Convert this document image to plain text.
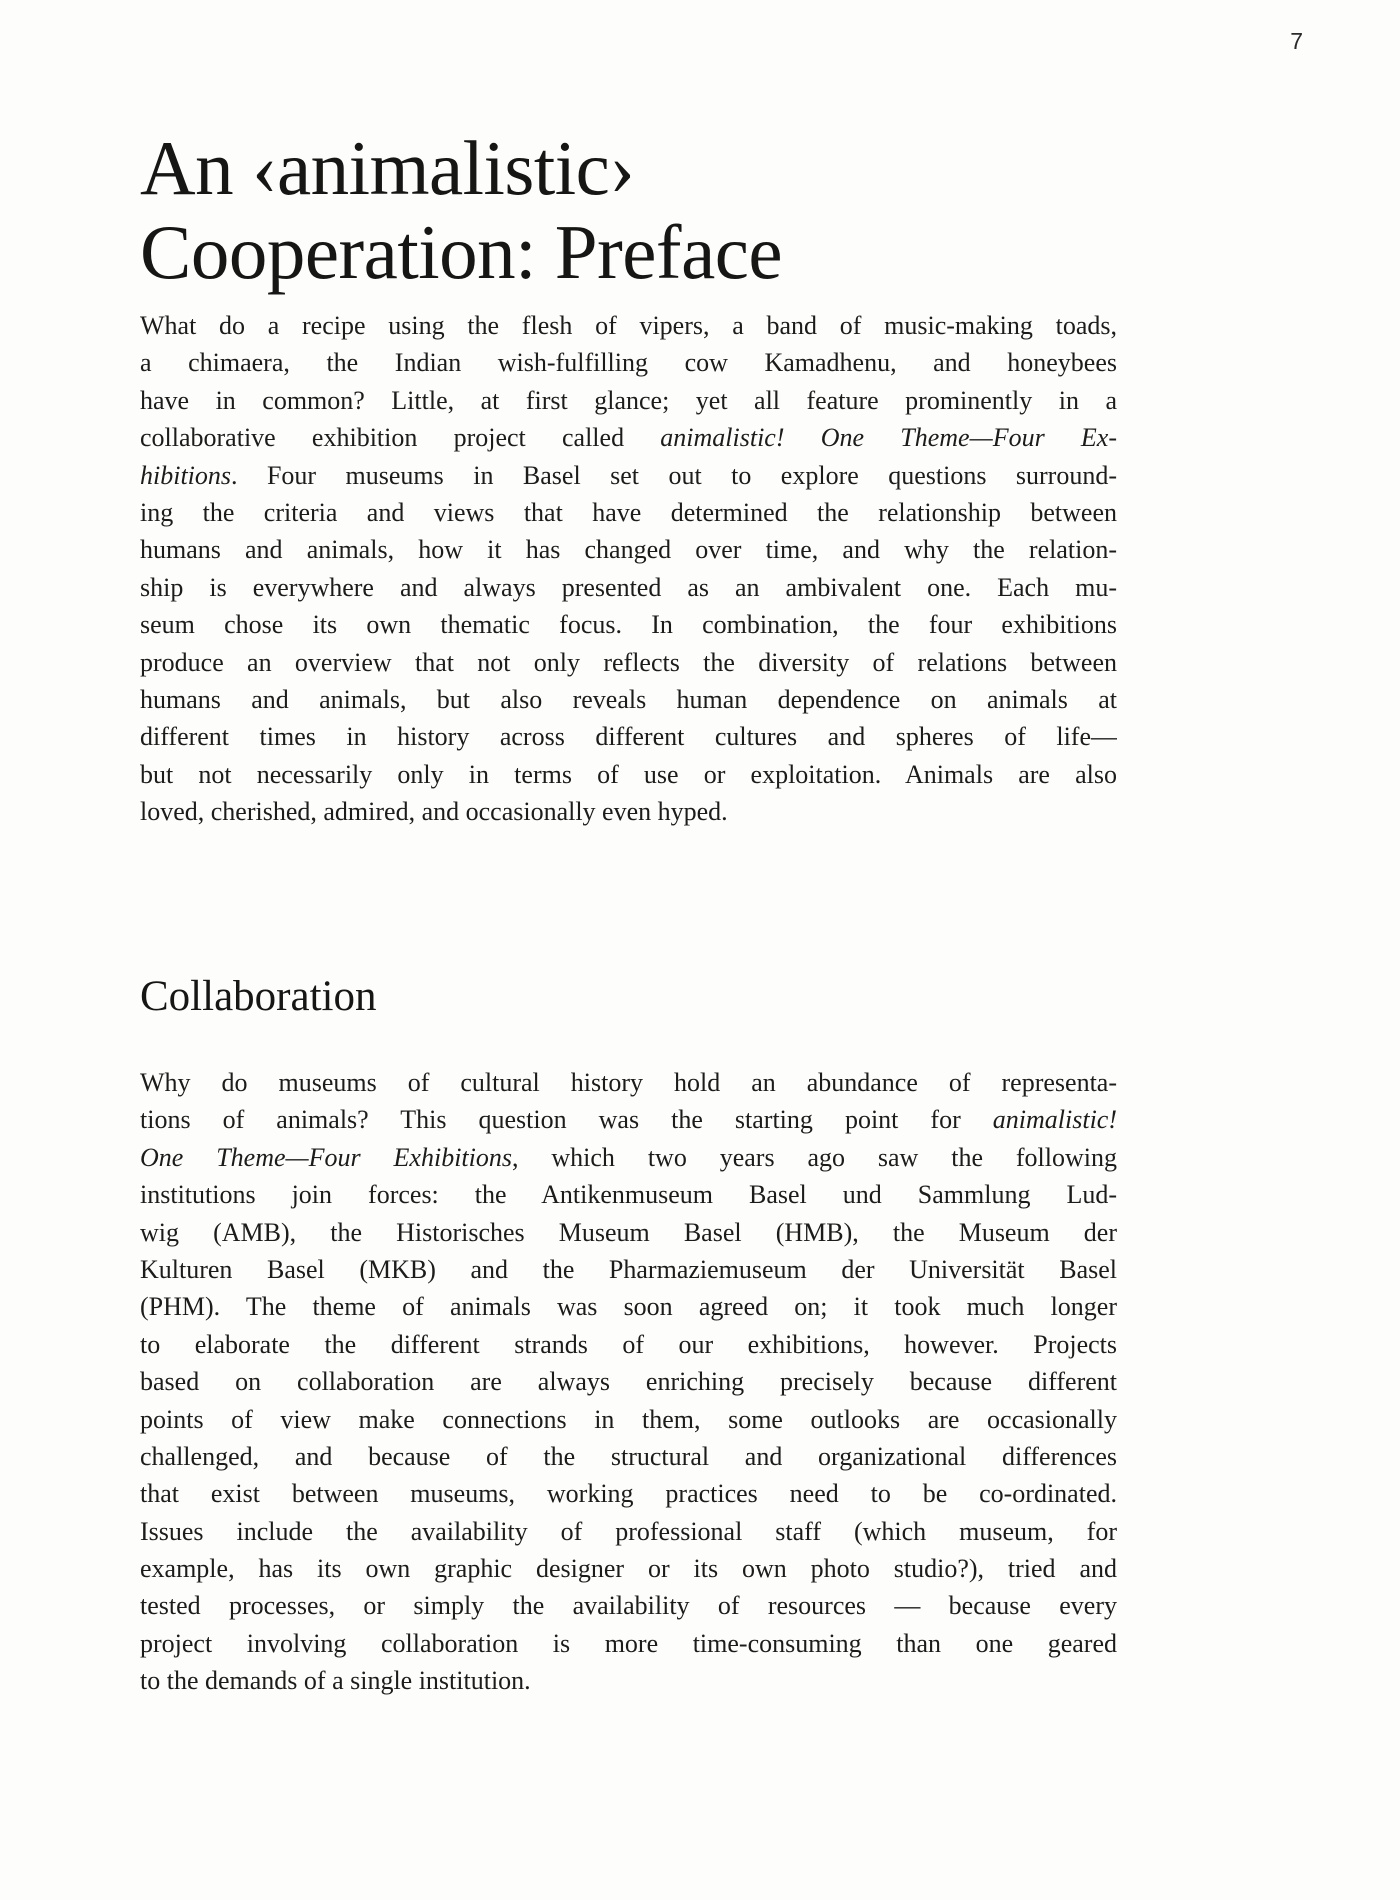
7
An ‹animalistic›
Cooperation: Preface
What do a recipe using the flesh of vipers, a band of music-making toads,
a chimaera, the Indian wish-fulfilling cow Kamadhenu, and honeybees
have in common? Little, at first glance; yet all feature prominently in a
collaborative exhibition project called animalistic! One Theme—Four Ex-
hibitions. Four museums in Basel set out to explore questions surround-
ing the criteria and views that have determined the relationship between
humans and animals, how it has changed over time, and why the relation-
ship is everywhere and always presented as an ambivalent one. Each mu-
seum chose its own thematic focus. In combination, the four exhibitions
produce an overview that not only reflects the diversity of relations between
humans and animals, but also reveals human dependence on animals at
different times in history across different cultures and spheres of life—
but not necessarily only in terms of use or exploitation. Animals are also
loved, cherished, admired, and occasionally even hyped.
Collaboration
Why do museums of cultural history hold an abundance of representa-
tions of animals? This question was the starting point for animalistic!
One Theme—Four Exhibitions, which two years ago saw the following
institutions join forces: the Antikenmuseum Basel und Sammlung Lud-
wig (AMB), the Historisches Museum Basel (HMB), the Museum der
Kulturen Basel (MKB) and the Pharmaziemuseum der Universität Basel
(PHM). The theme of animals was soon agreed on; it took much longer
to elaborate the different strands of our exhibitions, however. Projects
based on collaboration are always enriching precisely because different
points of view make connections in them, some outlooks are occasionally
challenged, and because of the structural and organizational differences
that exist between museums, working practices need to be co-ordinated.
Issues include the availability of professional staff (which museum, for
example, has its own graphic designer or its own photo studio?), tried and
tested processes, or simply the availability of resources — because every
project involving collaboration is more time-consuming than one geared
to the demands of a single institution.
